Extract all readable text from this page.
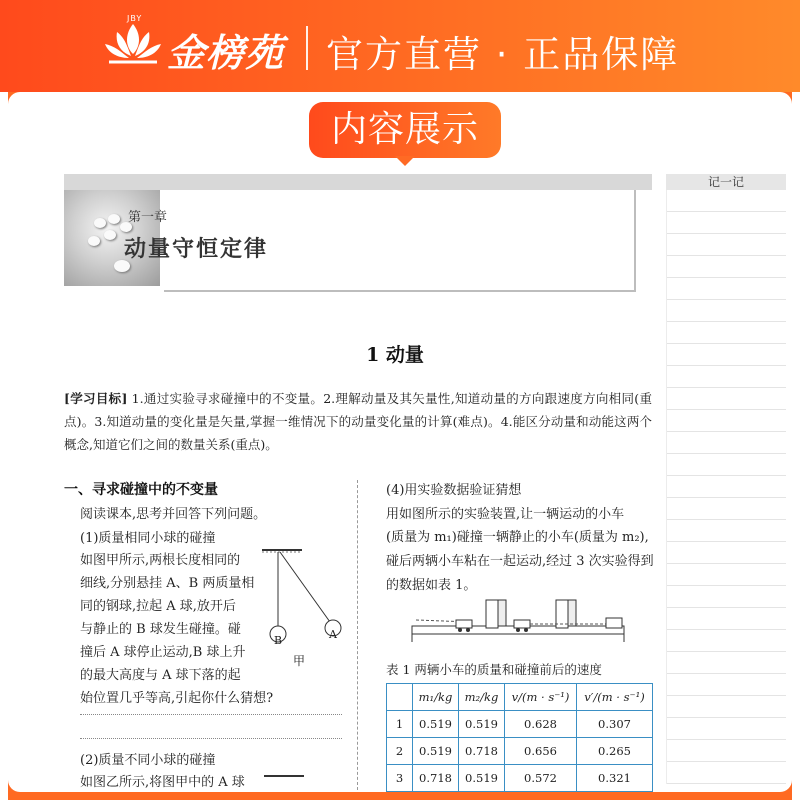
JBY
金榜苑 官方直营 · 正品保障
内容展示
第一章
动量守恒定律
记一记
1 动量
[学习目标] 1.通过实验寻求碰撞中的不变量。2.理解动量及其矢量性,知道动量的方向跟速度方向相同(重点)。3.知道动量的变化量是矢量,掌握一维情况下的动量变化量的计算(难点)。4.能区分动量和动能这两个概念,知道它们之间的数量关系(重点)。
一、寻求碰撞中的不变量
阅读课本,思考并回答下列问题。
(1)质量相同小球的碰撞
如图甲所示,两根长度相同的
细线,分别悬挂 A、B 两质量相
同的钢球,拉起 A 球,放开后
与静止的 B 球发生碰撞。碰
撞后 A 球停止运动,B 球上升
的最大高度与 A 球下落的起
始位置几乎等高,引起你什么猜想?
(2)质量不同小球的碰撞
如图乙所示,将图甲中的 A 球
B	A
甲
(4)用实验数据验证猜想
用如图所示的实验装置,让一辆运动的小车
(质量为 m₁)碰撞一辆静止的小车(质量为 m₂),
碰后两辆小车粘在一起运动,经过 3 次实验得到
的数据如表 1。
表 1 两辆小车的质量和碰撞前后的速度
	m₁/kg	m₂/kg	v/(m · s⁻¹)	v′/(m · s⁻¹)
1	0.519	0.519	0.628	0.307
2	0.519	0.718	0.656	0.265
3	0.718	0.519	0.572	0.321
